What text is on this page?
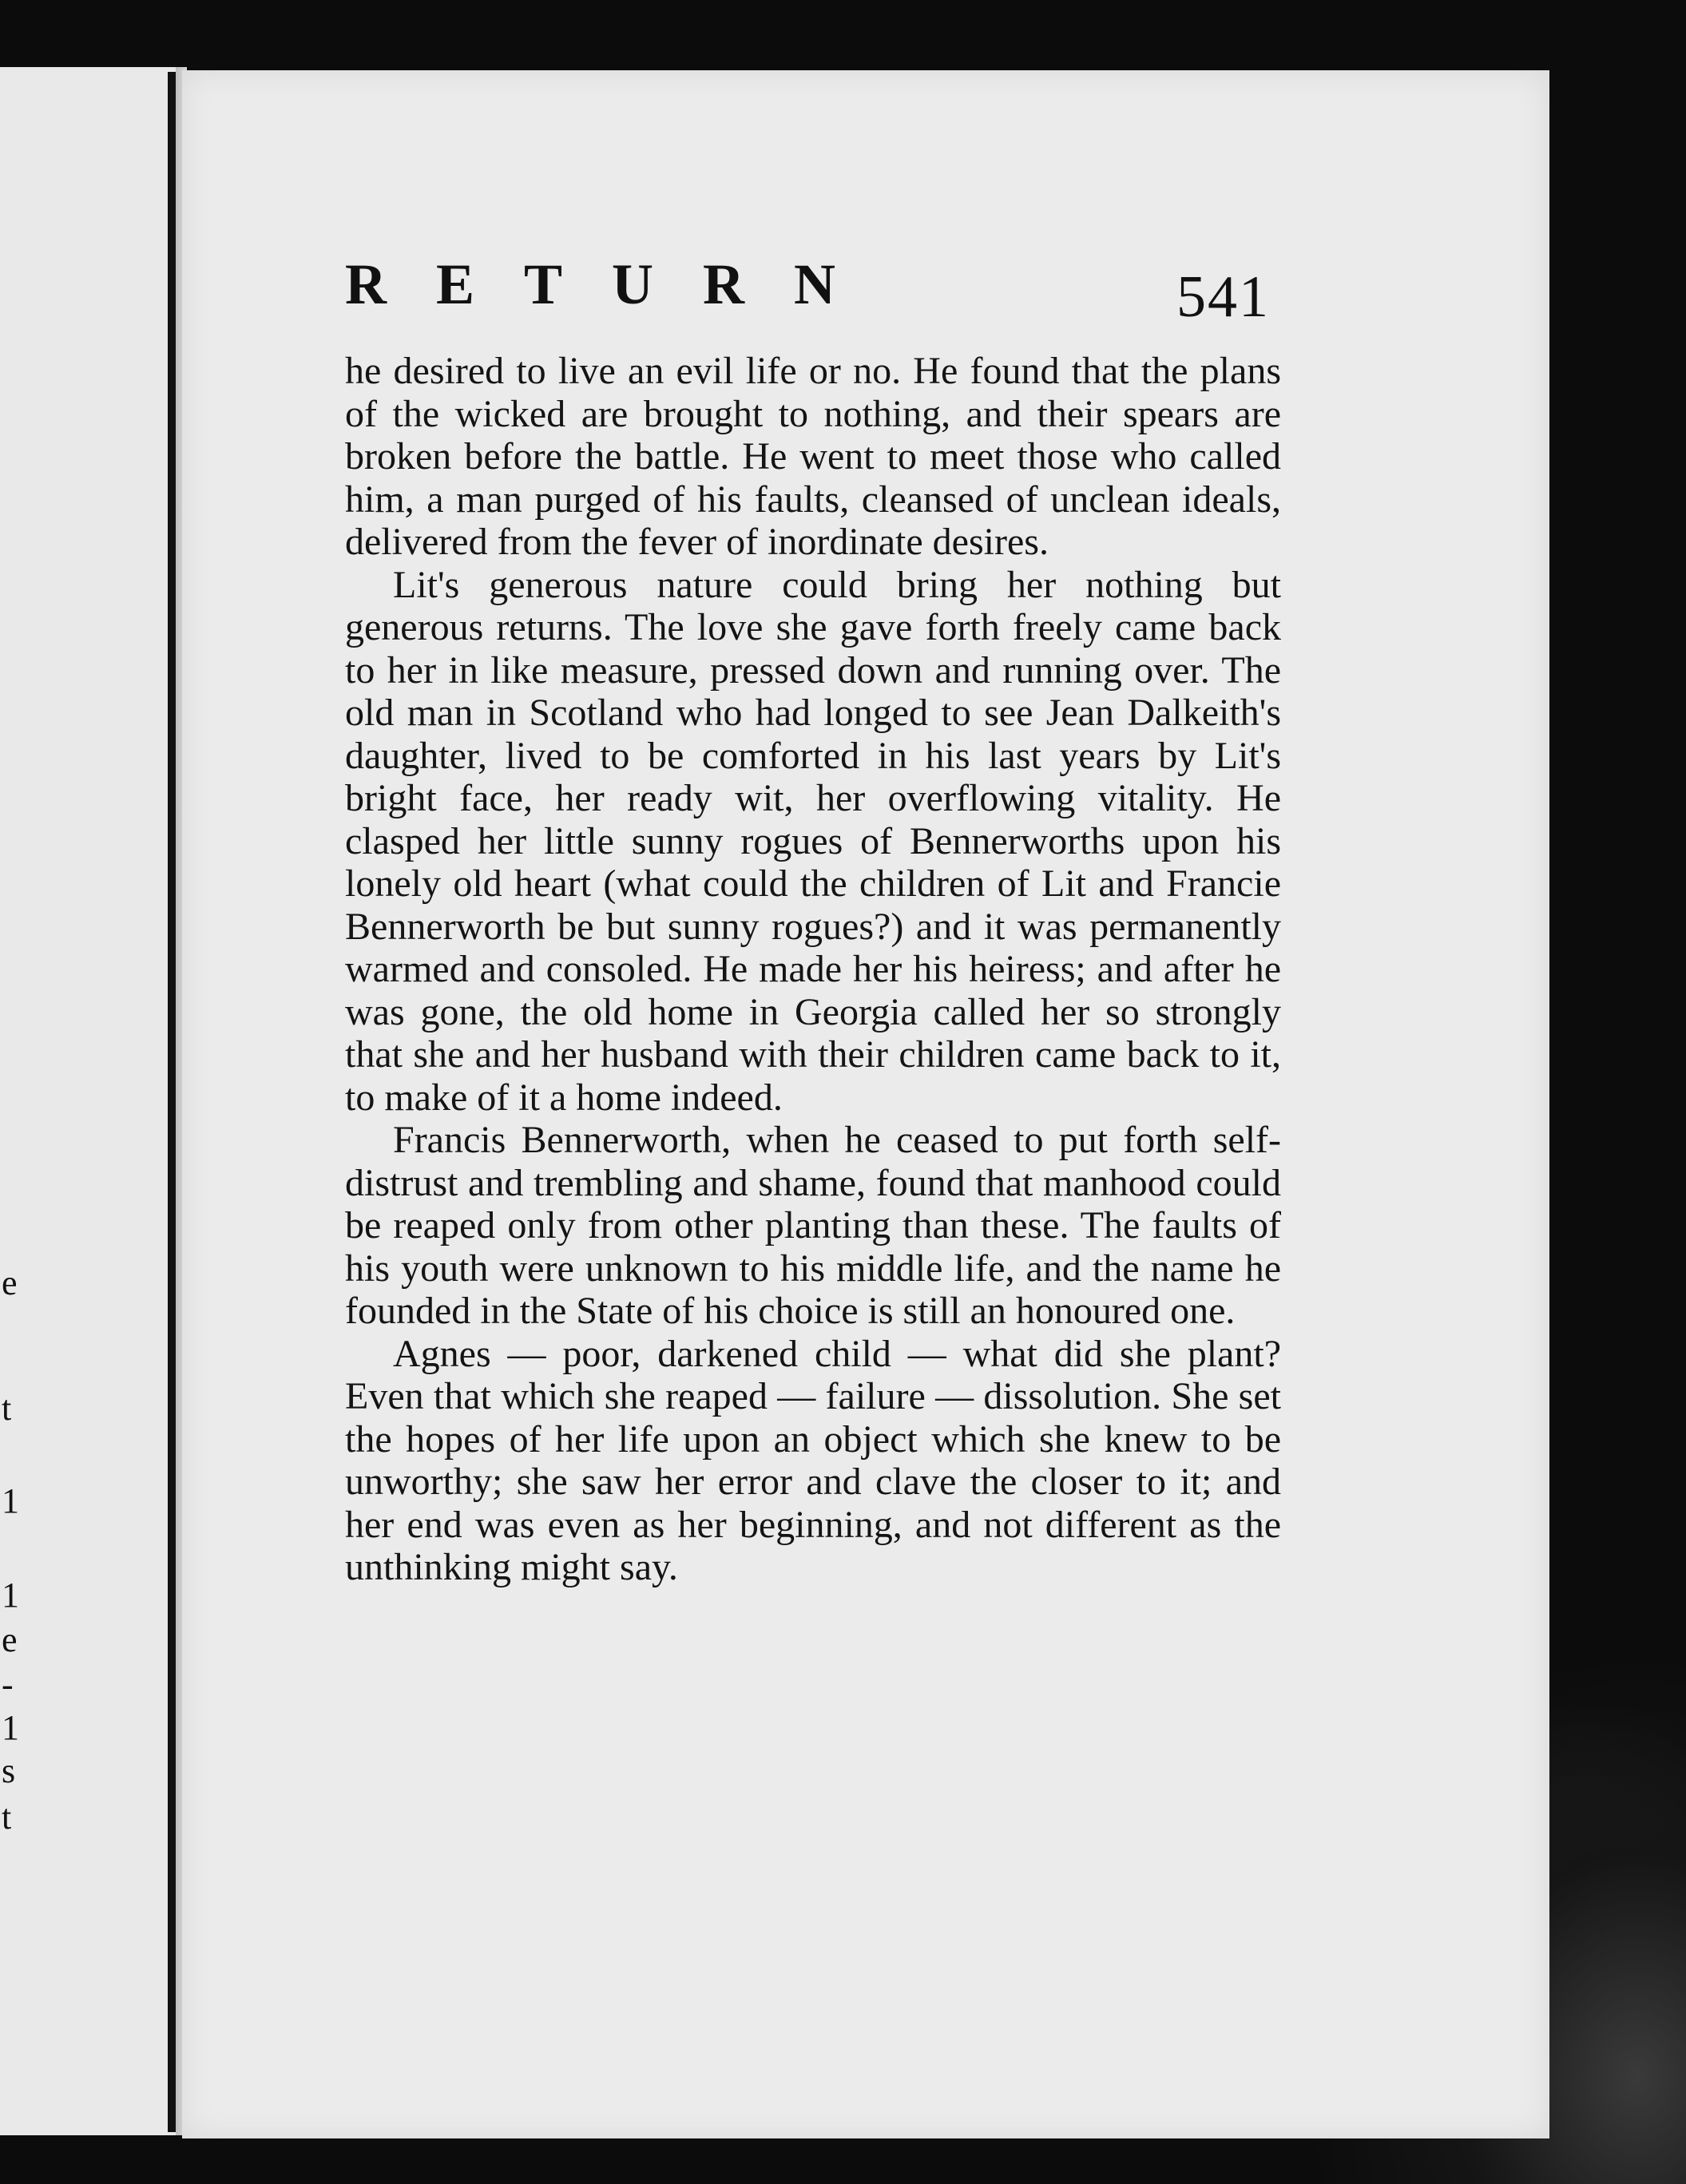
e
t
1
1
e
-
1
s
t
RETURN	541

he desired to live an evil life or no. He found that the plans of the wicked are brought to nothing, and their spears are broken before the battle. He went to meet those who called him, a man purged of his faults, cleansed of unclean ideals, delivered from the fever of inordinate desires.

Lit's generous nature could bring her nothing but generous returns. The love she gave forth freely came back to her in like measure, pressed down and running over. The old man in Scotland who had longed to see Jean Dalkeith's daughter, lived to be comforted in his last years by Lit's bright face, her ready wit, her overflowing vitality. He clasped her little sunny rogues of Bennerworths upon his lonely old heart (what could the children of Lit and Francie Bennerworth be but sunny rogues?) and it was permanently warmed and consoled. He made her his heiress; and after he was gone, the old home in Georgia called her so strongly that she and her husband with their children came back to it, to make of it a home indeed.

Francis Bennerworth, when he ceased to put forth self-distrust and trembling and shame, found that manhood could be reaped only from other planting than these. The faults of his youth were unknown to his middle life, and the name he founded in the State of his choice is still an honoured one.

Agnes — poor, darkened child — what did she plant? Even that which she reaped — failure — dissolution. She set the hopes of her life upon an object which she knew to be unworthy; she saw her error and clave the closer to it; and her end was even as her beginning, and not different as the unthinking might say.
